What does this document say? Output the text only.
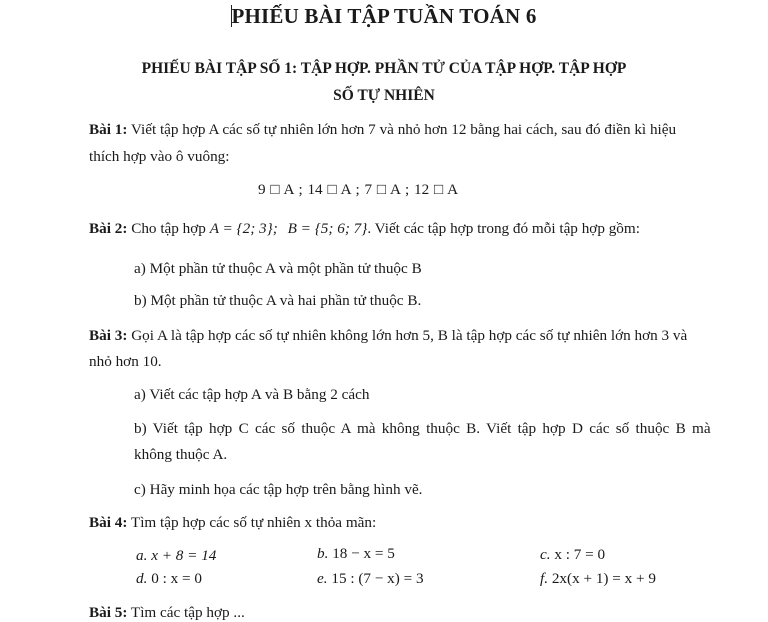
PHIẾU BÀI TẬP TUẦN TOÁN 6
PHIẾU BÀI TẬP SỐ 1: TẬP HỢP. PHẦN TỬ CỦA TẬP HỢP. TẬP HỢP
SỐ TỰ NHIÊN
Bài 1: Viết tập hợp A các số tự nhiên lớn hơn 7 và nhỏ hơn 12 bằng hai cách, sau đó điền kì hiệu
thích hợp vào ô vuông:
9 □ A ; 14 □ A ; 7 □ A ; 12 □ A
Bài 2: Cho tập hợp A = {2; 3}; B = {5; 6; 7}. Viết các tập hợp trong đó mỗi tập hợp gồm:
a) Một phần tử thuộc A và một phần tử thuộc B
b) Một phần tử thuộc A và hai phần tử thuộc B.
Bài 3: Gọi A là tập hợp các số tự nhiên không lớn hơn 5, B là tập hợp các số tự nhiên lớn hơn 3 và
nhỏ hơn 10.
a) Viết các tập hợp A và B bằng 2 cách
b) Viết tập hợp C các số thuộc A mà không thuộc B. Viết tập hợp D các số thuộc B mà
không thuộc A.
c) Hãy minh họa các tập hợp trên bằng hình vẽ.
Bài 4: Tìm tập hợp các số tự nhiên x thỏa mãn:
a. x + 8 = 14	b. 18 − x = 5	c. x : 7 = 0
d. 0 : x = 0	e. 15 : (7 − x) = 3	f. 2x(x + 1) = x + 9
Bài 5: Tìm các tập hợp ...
